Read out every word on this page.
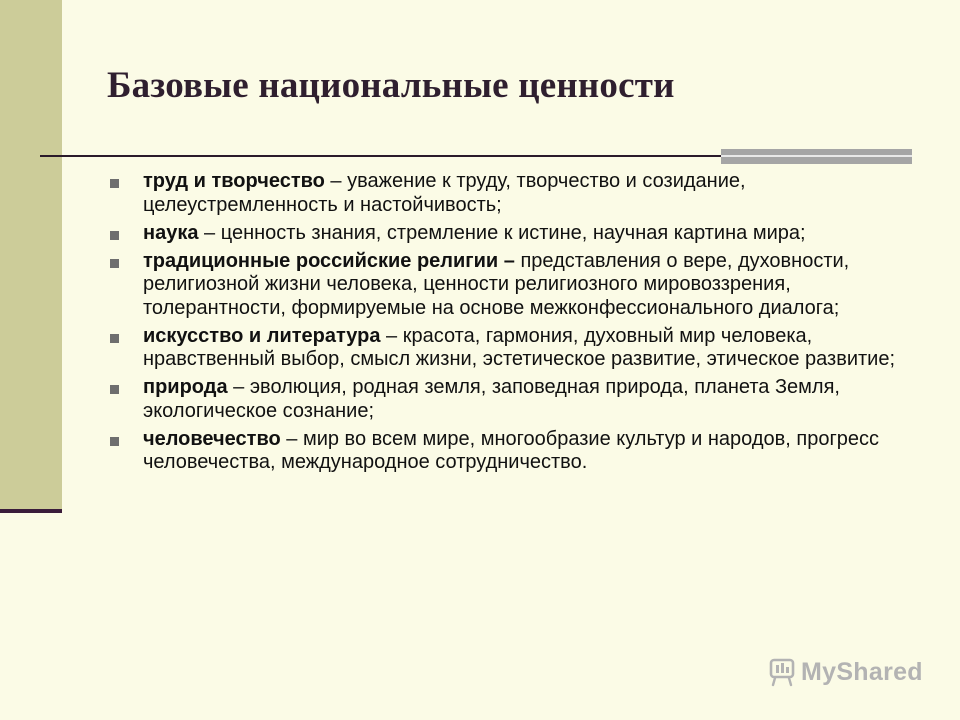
Базовые национальные ценности
труд и творчество – уважение к труду, творчество и созидание, целеустремленность и настойчивость;
наука – ценность знания, стремление к истине, научная картина мира;
традиционные российские религии – представления о вере, духовности, религиозной жизни человека, ценности религиозного мировоззрения, толерантности, формируемые на основе межконфессионального диалога;
искусство и литература – красота, гармония, духовный мир человека, нравственный выбор, смысл жизни, эстетическое развитие, этическое развитие;
природа – эволюция, родная земля, заповедная природа, планета Земля, экологическое сознание;
человечество – мир во всем мире, многообразие культур и народов, прогресс человечества, международное сотрудничество.
MyShared
